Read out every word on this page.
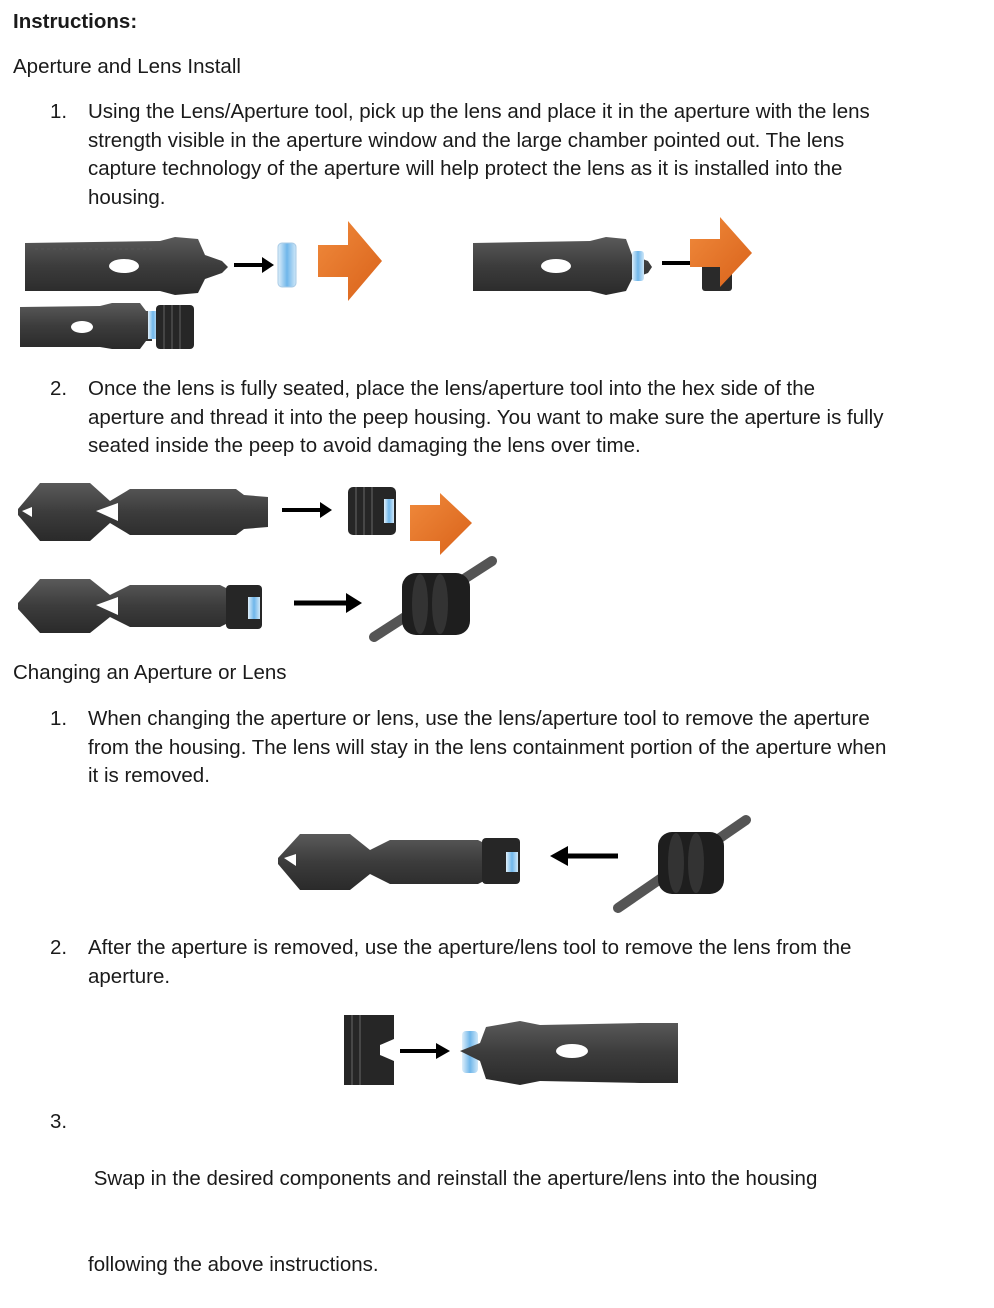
Instructions:
Aperture and Lens Install
1. Using the Lens/Aperture tool, pick up the lens and place it in the aperture with the lens
strength visible in the aperture window and the large chamber pointed out. The lens
capture technology of the aperture will help protect the lens as it is installed into the
housing.
2. Once the lens is fully seated, place the lens/aperture tool into the hex side of the
aperture and thread it into the peep housing. You want to make sure the aperture is fully
seated inside the peep to avoid damaging the lens over time.
Changing an Aperture or Lens
1. When changing the aperture or lens, use the lens/aperture tool to remove the aperture
from the housing. The lens will stay in the lens containment portion of the aperture when
it is removed.
2. After the aperture is removed, use the aperture/lens tool to remove the lens from the
aperture.
3.

Swap in the desired components and reinstall the aperture/lens into the housing

following the above instructions.
